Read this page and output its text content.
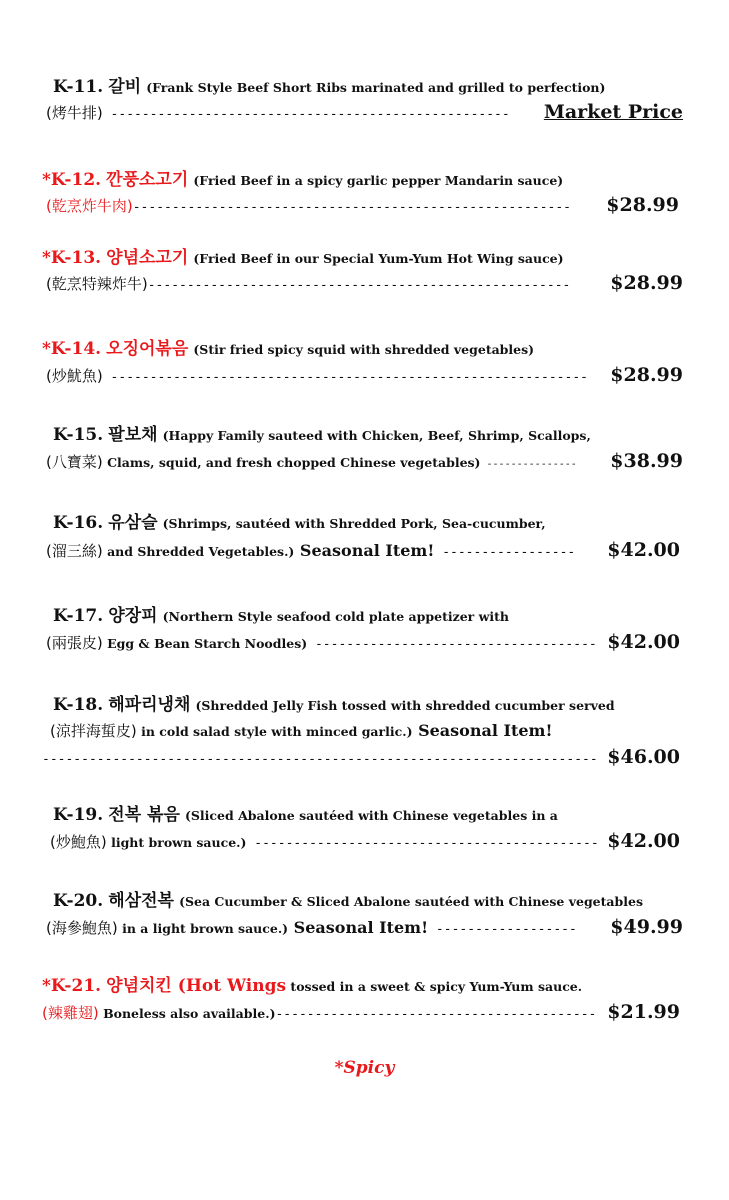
K-11. 갈비 (Frank Style Beef Short Ribs marinated and grilled to perfection)
(烤牛排) --------------------------------------------------- Market Price
*K-12. 깐풍소고기 (Fried Beef in a spicy garlic pepper Mandarin sauce)
(乾烹炸牛肉)-------------------------------------------------------- $28.99
*K-13. 양념소고기 (Fried Beef in our Special Yum-Yum Hot Wing sauce)
(乾烹特辣炸牛)------------------------------------------------------ $28.99
*K-14. 오징어볶음 (Stir fried spicy squid with shredded vegetables)
(炒魷魚) ------------------------------------------------------------- $28.99
K-15. 팔보채 (Happy Family sauteed with Chicken, Beef, Shrimp, Scallops,
(八寶菜) Clams, squid, and fresh chopped Chinese vegetables) --------------- $38.99
K-16. 유삼슬 (Shrimps, sautéed with Shredded Pork, Sea-cucumber,
(溜三絲) and Shredded Vegetables.) Seasonal Item! ----------------- $42.00
K-17. 양장피 (Northern Style seafood cold plate appetizer with
(兩張皮) Egg & Bean Starch Noodles) ------------------------------------ $42.00
K-18. 해파리냉채 (Shredded Jelly Fish tossed with shredded cucumber served
(涼拌海蜇皮) in cold salad style with minced garlic.) Seasonal Item!
----------------------------------------------------------------------- $46.00
K-19. 전복 볶음 (Sliced Abalone sautéed with Chinese vegetables in a
(炒鮑魚) light brown sauce.) -------------------------------------------- $42.00
K-20. 해삼전복 (Sea Cucumber & Sliced Abalone sautéed with Chinese vegetables
(海參鮑魚) in a light brown sauce.) Seasonal Item! ------------------ $49.99
*K-21. 양념치킨 (Hot Wings tossed in a sweet & spicy Yum-Yum sauce.
(辣雞翅) Boneless also available.)----------------------------------------- $21.99
*Spicy
